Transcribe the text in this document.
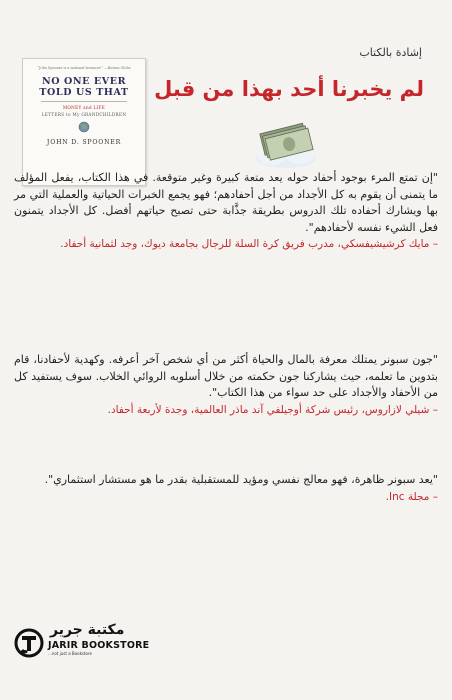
“John Spooner is a national treasure!” —Boston Globe
NO ONE EVER
TOLD US THAT
MONEY and LIFE
LETTERS to My GRANDCHILDREN
JOHN D. SPOONER
إشادة بالكتاب
لم يخبرنا أحد بهذا من قبل

"إن تمتع المرء بوجود أحفاد حوله يعد متعة كبيرة وغير متوقعة. في هذا الكتاب، يفعل المؤلف ما يتمنى أن يقوم به كل الأجداد من أجل أحفادهم؛ فهو يجمع الخبرات الحياتية والعملية التي مر بها ويشارك أحفاده تلك الدروس بطريقة جذَّابة حتى تصبح حياتهم أفضل. كل الأجداد يتمنون فعل الشيء نفسه لأحفادهم".

– مايك كرشيشيفسكي، مدرب فريق كرة السلة للرجال بجامعة ديوك، وجد لثمانية أحفاد.

"جون سبونر يمتلك معرفة بالمال والحياة أكثر من أي شخص آخر أعرفه. وكهدية لأحفادنا، قام بتدوين ما تعلمه، حيث يشاركنا جون حكمته من خلال أسلوبه الروائي الخلاب. سوف يستفيد كل من الأحفاد والأجداد على حد سواء من هذا الكتاب".

– شيلي لازاروس، رئيس شركة أوجيلفي آند ماذر العالمية، وجدة لأربعة أحفاد.

"يعد سبونر ظاهرة، فهو معالج نفسي ومؤيد للمستقبلية بقدر ما هو مستشار استثماري".

– مجلة Inc.

مكتبة جرير
JARIR BOOKSTORE
...not just a Bookstore
